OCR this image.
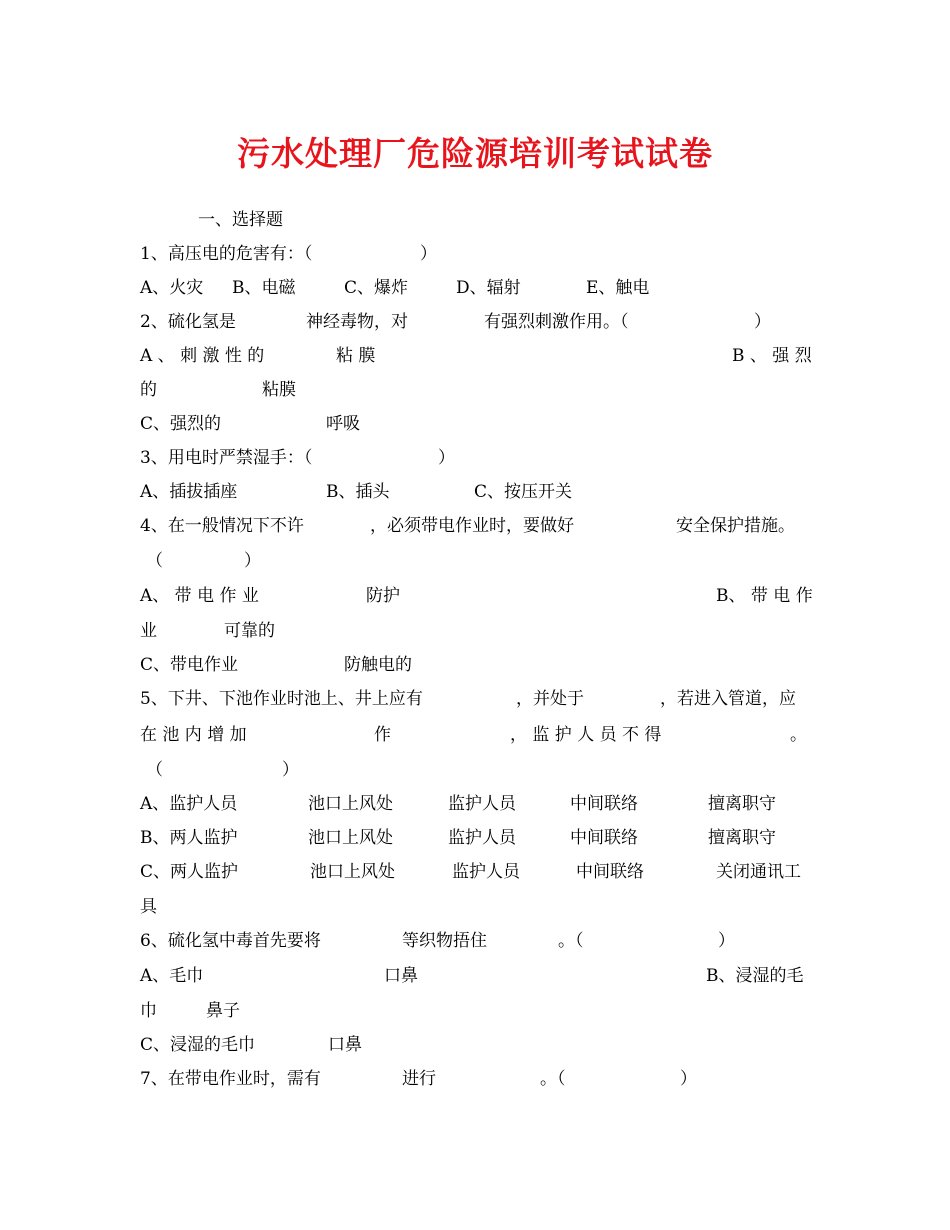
污水处理厂危险源培训考试试卷
一、选择题
1、高压电的危害有：（	）
A、火灾 B、电磁	C、爆炸	D、辐射	E、触电
2、硫化氢是	神经毒物，对	有强烈刺激作用。（	）
A 、 刺 激 性 的	粘 膜	B 、 强 烈
的	粘膜
C、强烈的	呼吸
3、用电时严禁湿手：（	）
A、插拔插座	B、插头	C、按压开关
4、在一般情况下不许	，必须带电作业时，要做好	安全保护措施。
（	）
A、 带 电 作 业	防护	B、 带 电 作
业	可靠的
C、带电作业	防触电的
5、下井、下池作业时池上、井上应有	，并处于	，若进入管道，应
在 池 内 增 加	作	， 监 护 人 员 不 得	。
（	）
A、监护人员	池口上风处	监护人员	中间联络	擅离职守
B、两人监护	池口上风处	监护人员	中间联络	擅离职守
C、两人监护	池口上风处	监护人员	中间联络	关闭通讯工
具
6、硫化氢中毒首先要将	等织物捂住	。（	）
A、毛巾	口鼻	B、浸湿的毛
巾	鼻子
C、浸湿的毛巾	口鼻
7、在带电作业时，需有	进行	。（	）
